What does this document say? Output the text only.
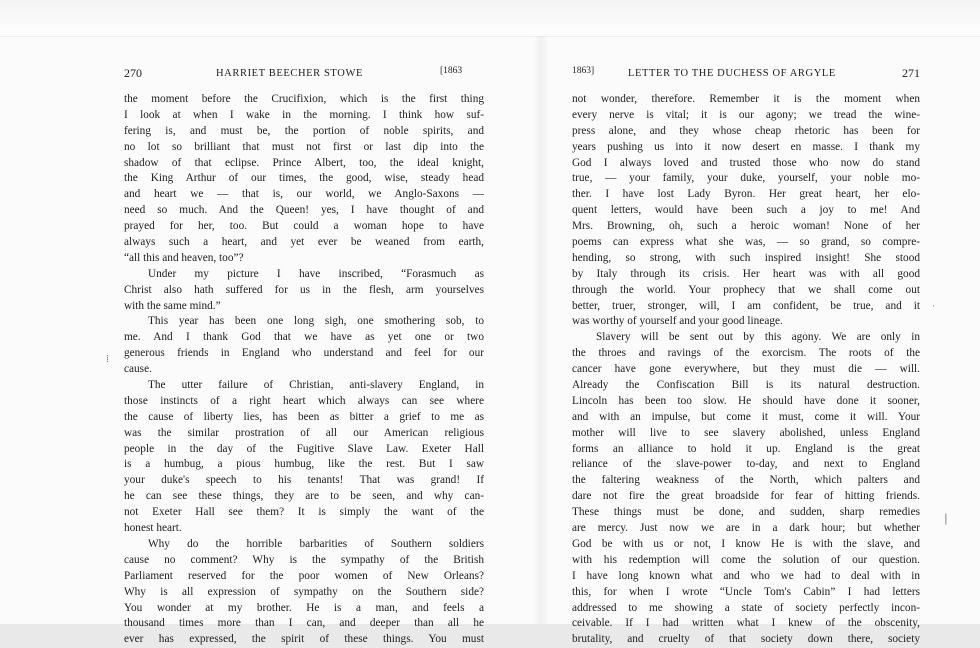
270	HARRIET BEECHER STOWE	[1863
the moment before the Crucifixion, which is the first thing
I look at when I wake in the morning. I think how suf-
fering is, and must be, the portion of noble spirits, and
no lot so brilliant that must not first or last dip into the
shadow of that eclipse. Prince Albert, too, the ideal knight,
the King Arthur of our times, the good, wise, steady head
and heart we — that is, our world, we Anglo-Saxons —
need so much. And the Queen! yes, I have thought of and
prayed for her, too. But could a woman hope to have
always such a heart, and yet ever be weaned from earth,
“all this and heaven, too”?
Under my picture I have inscribed, “Forasmuch as
Christ also hath suffered for us in the flesh, arm yourselves
with the same mind.”
This year has been one long sigh, one smothering sob, to
me. And I thank God that we have as yet one or two
generous friends in England who understand and feel for our
cause.
The utter failure of Christian, anti-slavery England, in
those instincts of a right heart which always can see where
the cause of liberty lies, has been as bitter a grief to me as
was the similar prostration of all our American religious
people in the day of the Fugitive Slave Law. Exeter Hall
is a humbug, a pious humbug, like the rest. But I saw
your duke's speech to his tenants! That was grand! If
he can see these things, they are to be seen, and why can-
not Exeter Hall see them? It is simply the want of the
honest heart.
Why do the horrible barbarities of Southern soldiers
cause no comment? Why is the sympathy of the British
Parliament reserved for the poor women of New Orleans?
Why is all expression of sympathy on the Southern side?
You wonder at my brother. He is a man, and feels a
thousand times more than I can, and deeper than all he
ever has expressed, the spirit of these things. You must
1863]	LETTER TO THE DUCHESS OF ARGYLE	271
not wonder, therefore. Remember it is the moment when
every nerve is vital; it is our agony; we tread the wine-
press alone, and they whose cheap rhetoric has been for
years pushing us into it now desert en masse. I thank my
God I always loved and trusted those who now do stand
true, — your family, your duke, yourself, your noble mo-
ther. I have lost Lady Byron. Her great heart, her elo-
quent letters, would have been such a joy to me! And
Mrs. Browning, oh, such a heroic woman! None of her
poems can express what she was, — so grand, so compre-
hending, so strong, with such inspired insight! She stood
by Italy through its crisis. Her heart was with all good
through the world. Your prophecy that we shall come out
better, truer, stronger, will, I am confident, be true, and it
was worthy of yourself and your good lineage.
Slavery will be sent out by this agony. We are only in
the throes and ravings of the exorcism. The roots of the
cancer have gone everywhere, but they must die — will.
Already the Confiscation Bill is its natural destruction.
Lincoln has been too slow. He should have done it sooner,
and with an impulse, but come it must, come it will. Your
mother will live to see slavery abolished, unless England
forms an alliance to hold it up. England is the great
reliance of the slave-power to-day, and next to England
the faltering weakness of the North, which palters and
dare not fire the great broadside for fear of hitting friends.
These things must be done, and sudden, sharp remedies
are mercy. Just now we are in a dark hour; but whether
God be with us or not, I know He is with the slave, and
with his redemption will come the solution of our question.
I have long known what and who we had to deal with in
this, for when I wrote “Uncle Tom's Cabin” I had letters
addressed to me showing a state of society perfectly incon-
ceivable. If I had written what I knew of the obscenity,
brutality, and cruelty of that society down there, society
⁞
·
|
